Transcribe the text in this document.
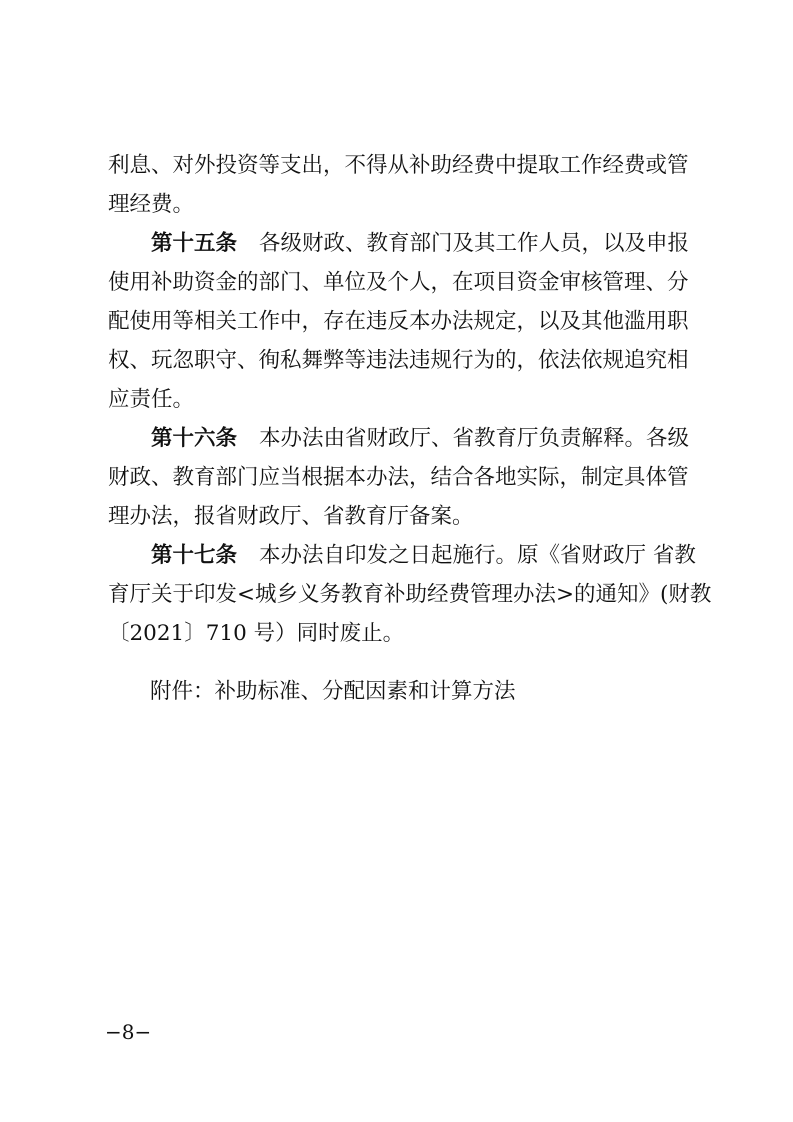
利息、对外投资等支出，不得从补助经费中提取工作经费或管
理经费。
第十五条 各级财政、教育部门及其工作人员，以及申报
使用补助资金的部门、单位及个人，在项目资金审核管理、分
配使用等相关工作中，存在违反本办法规定，以及其他滥用职
权、玩忽职守、徇私舞弊等违法违规行为的，依法依规追究相
应责任。
第十六条 本办法由省财政厅、省教育厅负责解释。各级
财政、教育部门应当根据本办法，结合各地实际，制定具体管
理办法，报省财政厅、省教育厅备案。
第十七条 本办法自印发之日起施行。原《省财政厅 省教
育厅关于印发<城乡义务教育补助经费管理办法>的通知》(财教
〔2021〕710 号）同时废止。
附件：补助标准、分配因素和计算方法
−8−
